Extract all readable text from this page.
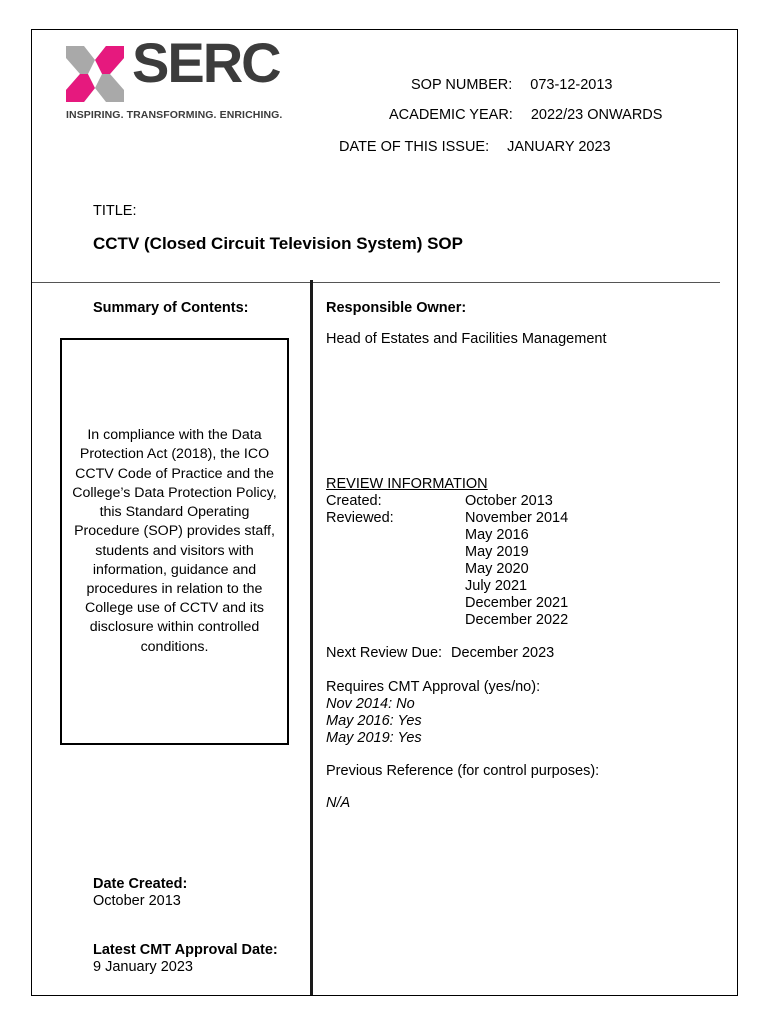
SERC
INSPIRING. TRANSFORMING. ENRICHING.
SOP NUMBER: 073-12-2013
ACADEMIC YEAR: 2022/23 ONWARDS
DATE OF THIS ISSUE: JANUARY 2023
TITLE:
CCTV (Closed Circuit Television System) SOP
Summary of Contents:
In compliance with the Data Protection Act (2018), the ICO CCTV Code of Practice and the College’s Data Protection Policy, this Standard Operating Procedure (SOP) provides staff, students and visitors with information, guidance and procedures in relation to the College use of CCTV and its disclosure within controlled conditions.
Date Created:
October 2013
Latest CMT Approval Date:
9 January 2023
Responsible Owner:
Head of Estates and Facilities Management
REVIEW INFORMATION
Created:	October 2013
Reviewed:	November 2014
May 2016
May 2019
May 2020
July 2021
December 2021
December 2022
Next Review Due: December 2023
Requires CMT Approval (yes/no):
Nov 2014: No
May 2016: Yes
May 2019: Yes
Previous Reference (for control purposes):
N/A
